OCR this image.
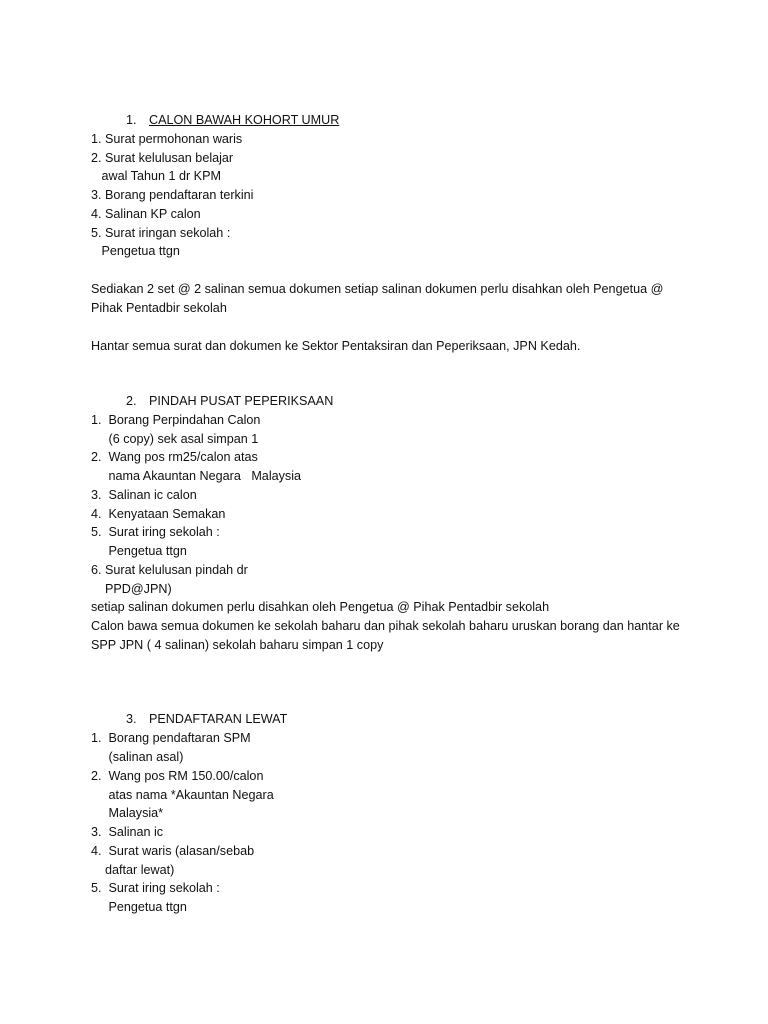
1. CALON BAWAH KOHORT UMUR

1. Surat permohonan waris
2. Surat kelulusan belajar
awal Tahun 1 dr KPM
3. Borang pendaftaran terkini
4. Salinan KP calon
5. Surat iringan sekolah :
Pengetua ttgn
Sediakan 2 set @ 2 salinan semua dokumen setiap salinan dokumen perlu disahkan oleh Pengetua @
Pihak Pentadbir sekolah
Hantar semua surat dan dokumen ke Sektor Pentaksiran dan Peperiksaan, JPN Kedah.

2. PINDAH PUSAT PEPERIKSAAN

1.  Borang Perpindahan Calon
(6 copy) sek asal simpan 1
2.  Wang pos rm25/calon atas
nama Akauntan Negara   Malaysia
3.  Salinan ic calon
4.  Kenyataan Semakan
5.  Surat iring sekolah :
Pengetua ttgn
6. Surat kelulusan pindah dr
PPD@JPN)
setiap salinan dokumen perlu disahkan oleh Pengetua @ Pihak Pentadbir sekolah
Calon bawa semua dokumen ke sekolah baharu dan pihak sekolah baharu uruskan borang dan hantar ke
SPP JPN ( 4 salinan) sekolah baharu simpan 1 copy

3. PENDAFTARAN LEWAT

1.  Borang pendaftaran SPM
(salinan asal)
2.  Wang pos RM 150.00/calon
atas nama *Akauntan Negara
Malaysia*
3.  Salinan ic
4.  Surat waris (alasan/sebab
daftar lewat)
5.  Surat iring sekolah :
Pengetua ttgn
